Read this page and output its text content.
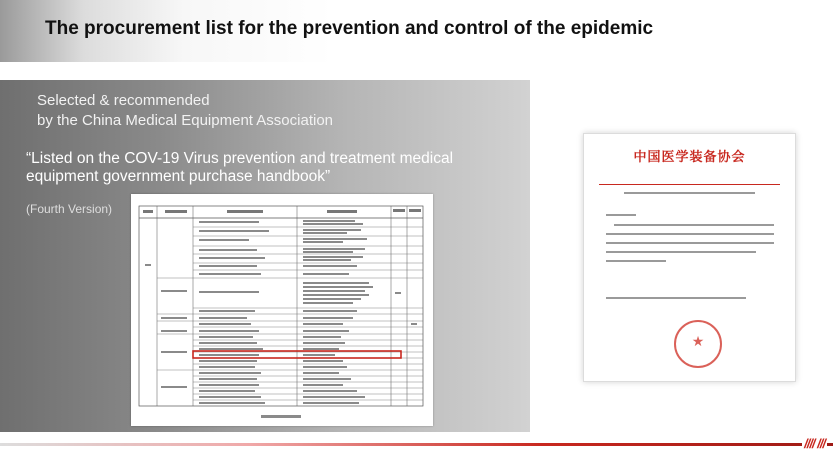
The procurement list for the prevention and control of the epidemic
Selected & recommended
by the China Medical Equipment Association
“Listed on the COV-19 Virus prevention and treatment medical equipment government purchase handbook”
(Fourth Version)
中国医学装备协会
★
//// ///
